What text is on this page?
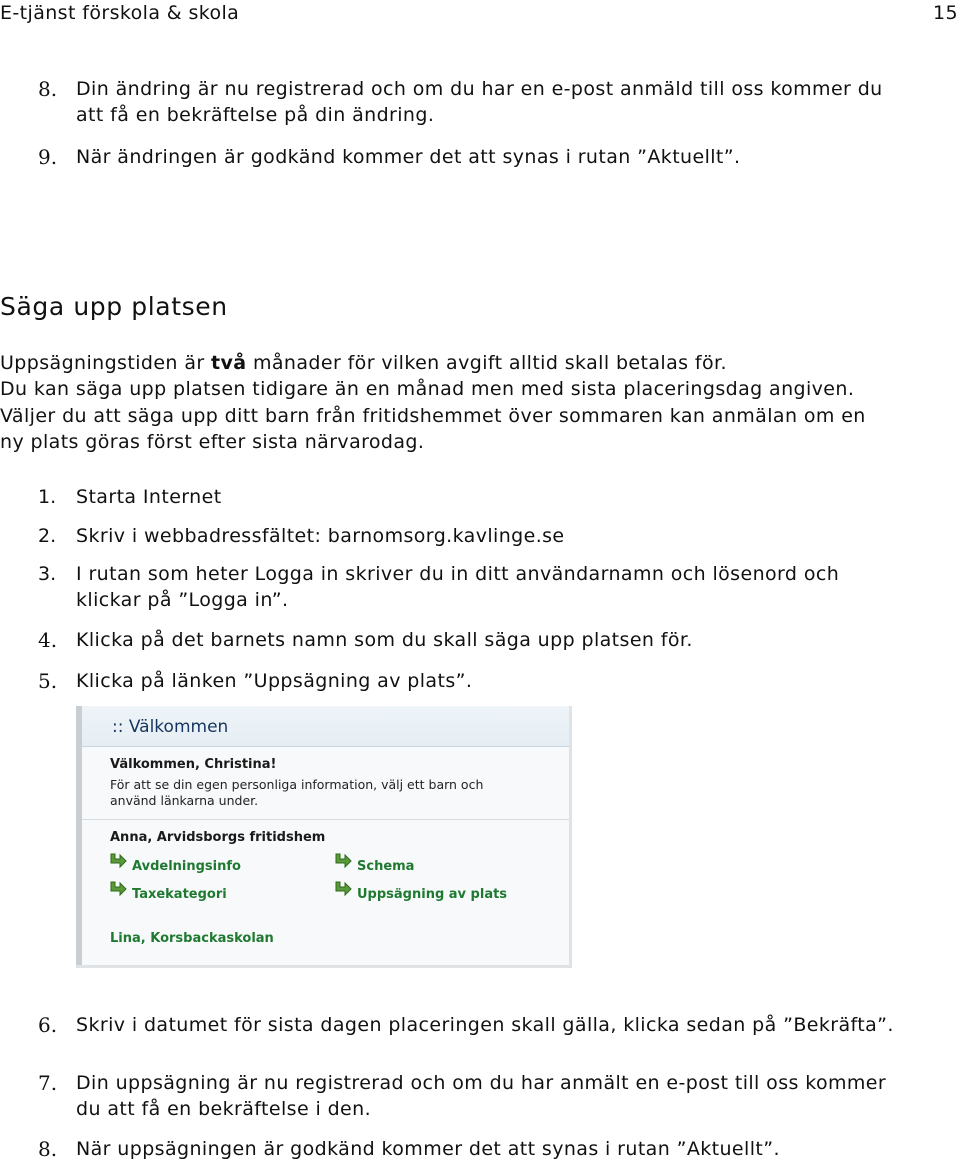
E-tjänst förskola & skola	15
8. Din ändring är nu registrerad och om du har en e-post anmäld till oss kommer du
att få en bekräftelse på din ändring.
9. När ändringen är godkänd kommer det att synas i rutan ”Aktuellt”.
Säga upp platsen
Uppsägningstiden är två månader för vilken avgift alltid skall betalas för.
Du kan säga upp platsen tidigare än en månad men med sista placeringsdag angiven.
Väljer du att säga upp ditt barn från fritidshemmet över sommaren kan anmälan om en
ny plats göras först efter sista närvarodag.
1. Starta Internet
2. Skriv i webbadressfältet: barnomsorg.kavlinge.se
3. I rutan som heter Logga in skriver du in ditt användarnamn och lösenord och
klickar på ”Logga in”.
4. Klicka på det barnets namn som du skall säga upp platsen för.
5. Klicka på länken ”Uppsägning av plats”.
:: Välkommen
Välkommen, Christina!
För att se din egen personliga information, välj ett barn och
använd länkarna under.
Anna, Arvidsborgs fritidshem
Avdelningsinfo	Schema
Taxekategori	Uppsägning av plats
Lina, Korsbackaskolan
6. Skriv i datumet för sista dagen placeringen skall gälla, klicka sedan på ”Bekräfta”.
7. Din uppsägning är nu registrerad och om du har anmält en e-post till oss kommer
du att få en bekräftelse i den.
8. När uppsägningen är godkänd kommer det att synas i rutan ”Aktuellt”.
